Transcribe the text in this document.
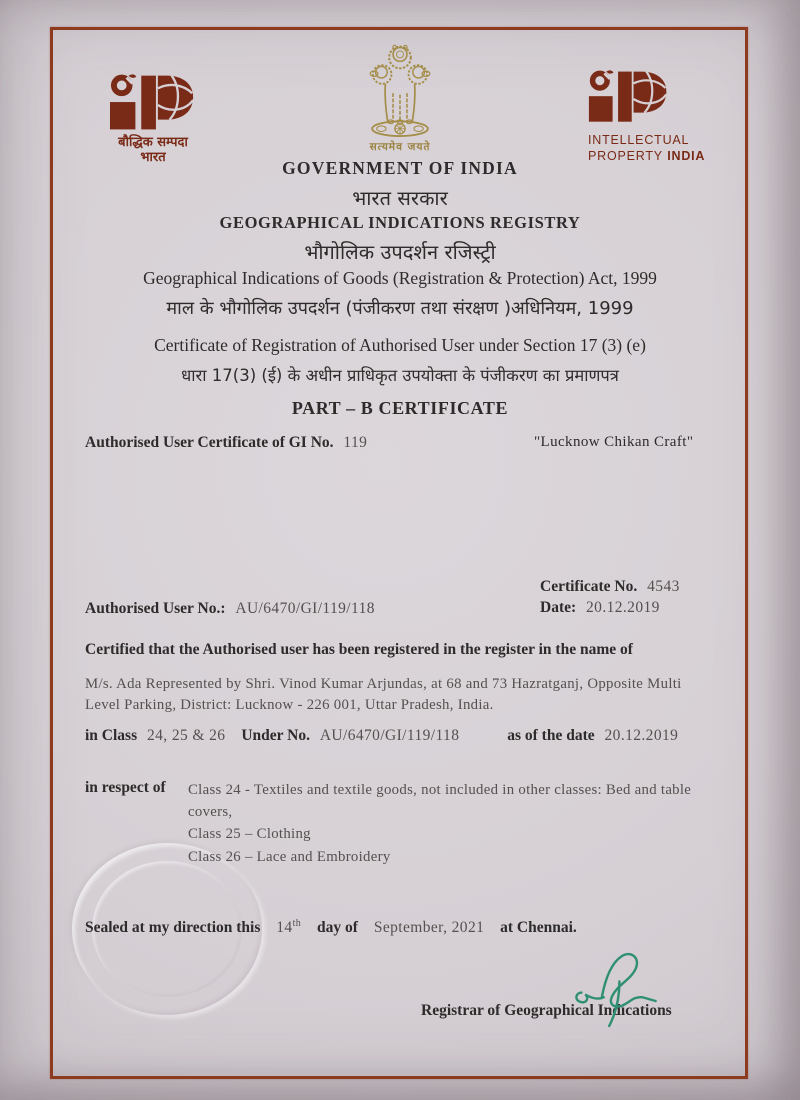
बौद्धिक सम्पदा
भारत
सत्यमेव जयते	INTELLECTUAL
PROPERTY INDIA
GOVERNMENT OF INDIA
भारत सरकार
GEOGRAPHICAL INDICATIONS REGISTRY
भौगोलिक उपदर्शन रजिस्ट्री
Geographical Indications of Goods (Registration & Protection) Act, 1999
माल के भौगोलिक उपदर्शन (पंजीकरण तथा संरक्षण )अधिनियम, 1999
Certificate of Registration of Authorised User under Section 17 (3) (e)
धारा 17(3) (ई) के अधीन प्राधिकृत उपयोक्ता के पंजीकरण का प्रमाणपत्र
PART – B CERTIFICATE
Authorised User Certificate of GI No. 119	"Lucknow Chikan Craft"
Certificate No. 4543
Date: 20.12.2019
Authorised User No.: AU/6470/GI/119/118
Certified that the Authorised user has been registered in the register in the name of
M/s. Ada Represented by Shri. Vinod Kumar Arjundas, at 68 and 73 Hazratganj, Opposite Multi Level Parking, District: Lucknow - 226 001, Uttar Pradesh, India.
in Class 24, 25 & 26 Under No. AU/6470/GI/119/118	as of the date 20.12.2019
in respect of	Class 24 - Textiles and textile goods, not included in other classes: Bed and table covers,
Class 25 – Clothing
Class 26 – Lace and Embroidery
Sealed at my direction this 14th day of September, 2021 at Chennai.
Registrar of Geographical Indications
